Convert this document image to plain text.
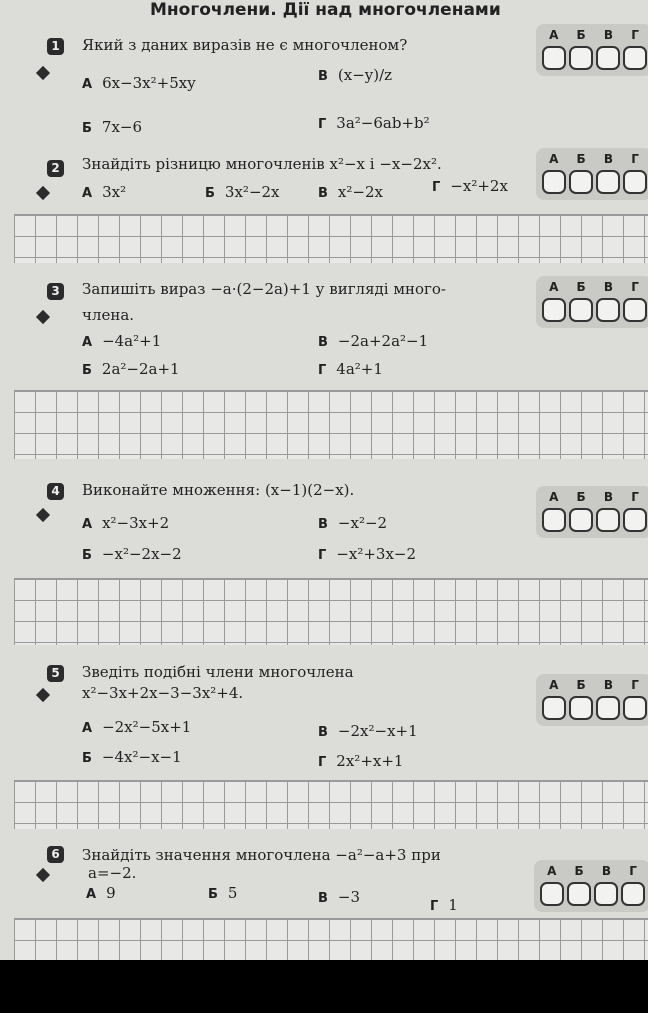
Многочлени. Дії над многочленами
1 Який з даних виразів не є многочленом?
А 6x−3x²+5xy	В (x−y)/z
Б 7x−6	Г 3a²−6ab+b²
А Б В Г
2 Знайдіть різницю многочленів x²−x і −x−2x².
А 3x²	Б 3x²−2x	В x²−2x	Г −x²+2x
А Б В Г
3 Запишіть вираз −a·(2−2a)+1 у вигляді много-
члена.
А −4a²+1	В −2a+2a²−1
Б 2a²−2a+1	Г 4a²+1
А Б В Г
4 Виконайте множення: (x−1)(2−x).
А x²−3x+2	В −x²−2
Б −x²−2x−2	Г −x²+3x−2
А Б В Г
5 Зведіть подібні члени многочлена
x²−3x+2x−3−3x²+4.
А −2x²−5x+1	В −2x²−x+1
Б −4x²−x−1	Г 2x²+x+1
А Б В Г
6 Знайдіть значення многочлена −a²−a+3 при
a=−2.
А 9	Б 5	В −3
Г 1
А Б В Г
